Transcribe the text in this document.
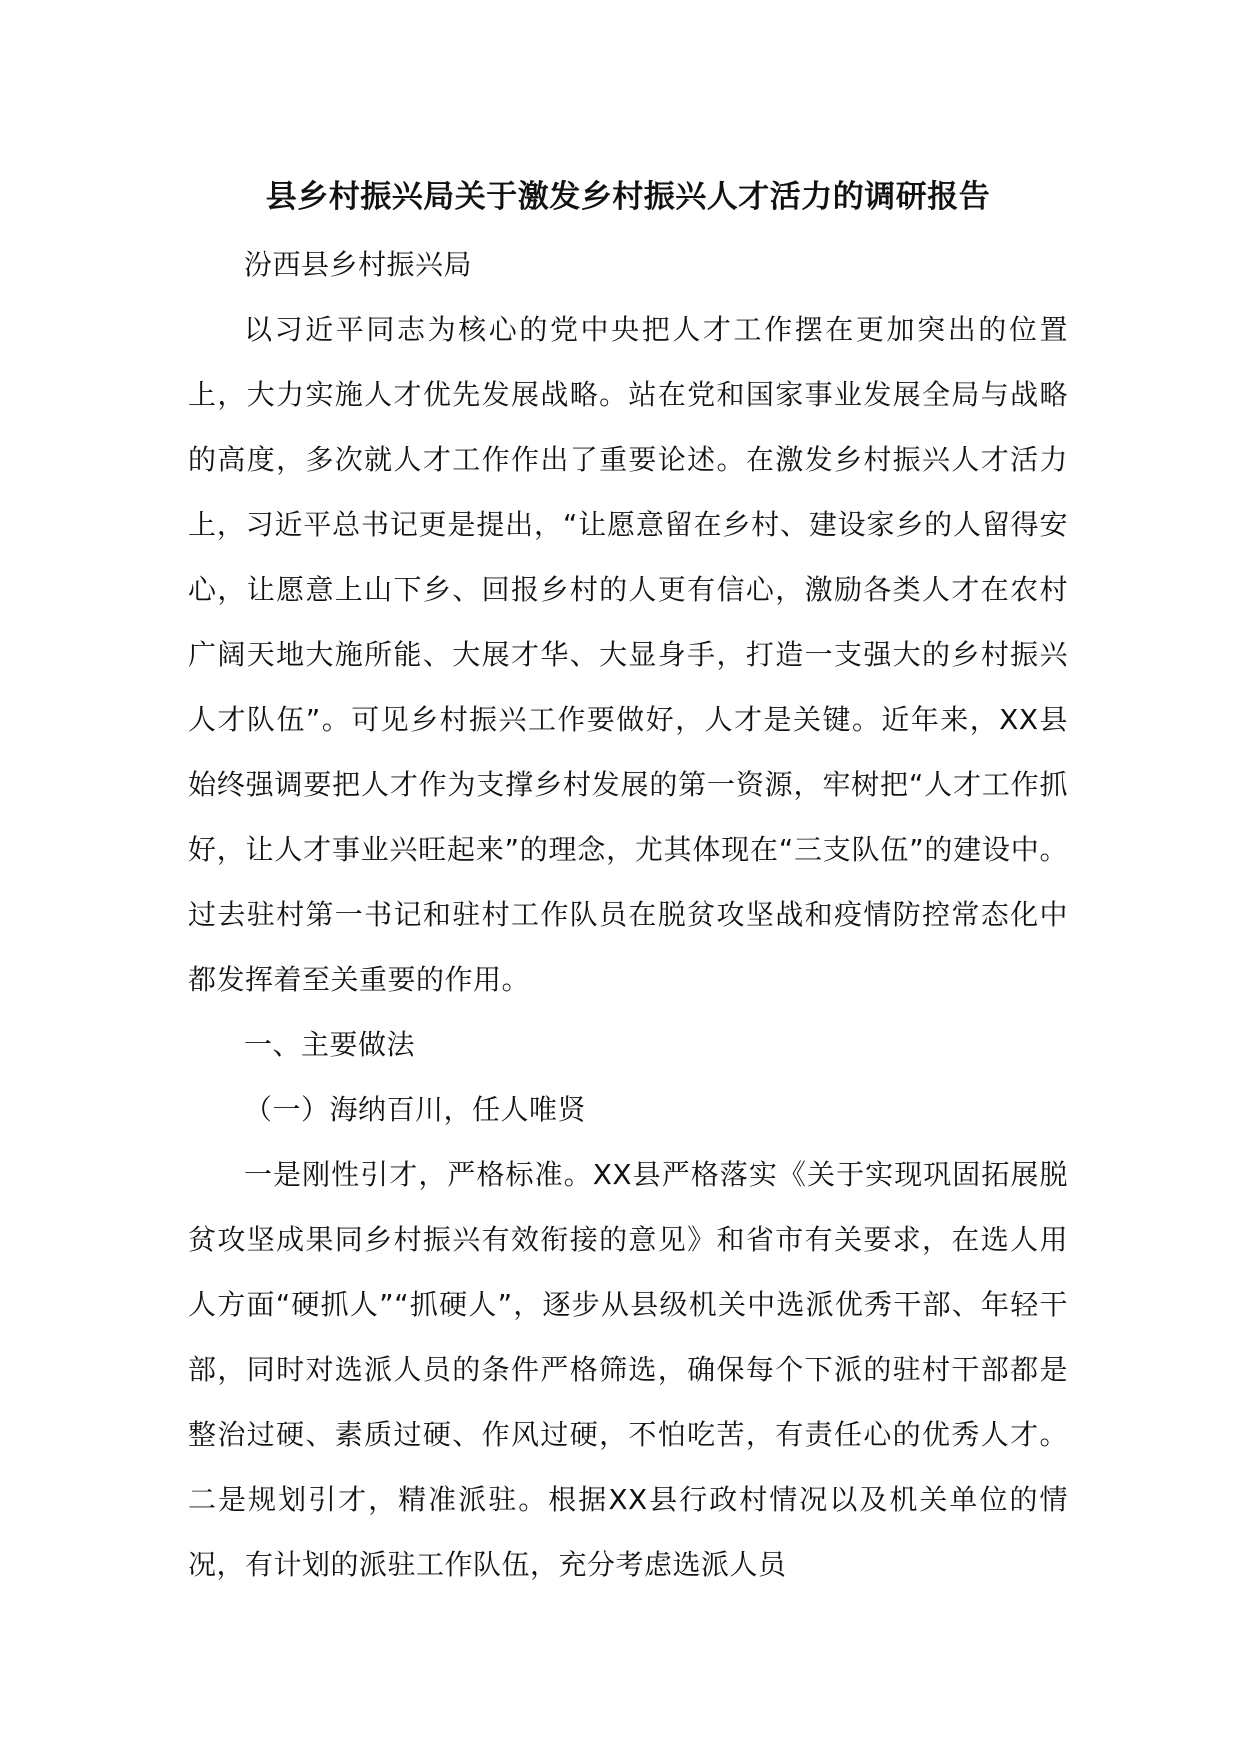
县乡村振兴局关于激发乡村振兴人才活力的调研报告

汾西县乡村振兴局

以习近平同志为核心的党中央把人才工作摆在更加突出的位置上，大力实施人才优先发展战略。站在党和国家事业发展全局与战略的高度，多次就人才工作作出了重要论述。在激发乡村振兴人才活力上，习近平总书记更是提出，“让愿意留在乡村、建设家乡的人留得安心，让愿意上山下乡、回报乡村的人更有信心，激励各类人才在农村广阔天地大施所能、大展才华、大显身手，打造一支强大的乡村振兴人才队伍”。可见乡村振兴工作要做好，人才是关键。近年来，XX县始终强调要把人才作为支撑乡村发展的第一资源，牢树把“人才工作抓好，让人才事业兴旺起来”的理念，尤其体现在“三支队伍”的建设中。过去驻村第一书记和驻村工作队员在脱贫攻坚战和疫情防控常态化中都发挥着至关重要的作用。

一、主要做法

（一）海纳百川，任人唯贤

一是刚性引才，严格标准。XX县严格落实《关于实现巩固拓展脱贫攻坚成果同乡村振兴有效衔接的意见》和省市有关要求，在选人用人方面“硬抓人”“抓硬人”，逐步从县级机关中选派优秀干部、年轻干部，同时对选派人员的条件严格筛选，确保每个下派的驻村干部都是整治过硬、素质过硬、作风过硬，不怕吃苦，有责任心的优秀人才。二是规划引才，精准派驻。根据XX县行政村情况以及机关单位的情况，有计划的派驻工作队伍，充分考虑选派人员
